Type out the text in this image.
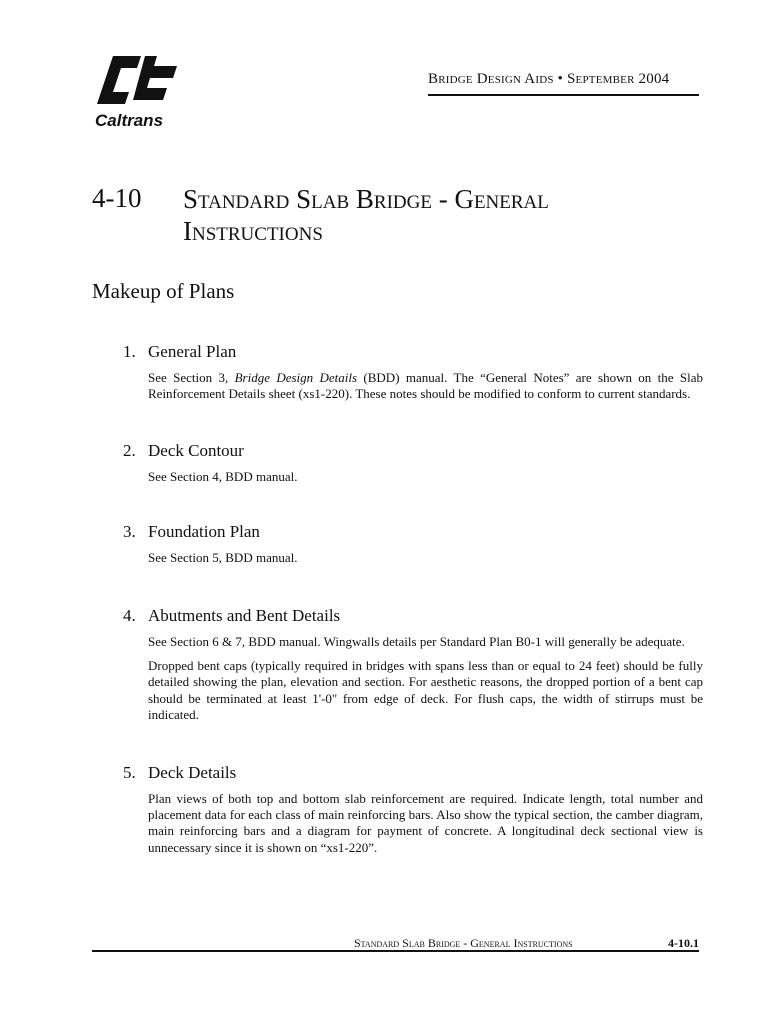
Caltrans
Bridge Design Aids • September 2004
4-10 Standard Slab Bridge - General Instructions
Makeup of Plans
1. General Plan

See Section 3, Bridge Design Details (BDD) manual. The “General Notes” are shown on the Slab Reinforcement Details sheet (xs1-220). These notes should be modified to conform to current standards.

2. Deck Contour

See Section 4, BDD manual.

3. Foundation Plan

See Section 5, BDD manual.

4. Abutments and Bent Details

See Section 6 & 7, BDD manual. Wingwalls details per Standard Plan B0-1 will generally be adequate.

Dropped bent caps (typically required in bridges with spans less than or equal to 24 feet) should be fully detailed showing the plan, elevation and section. For aesthetic reasons, the dropped portion of a bent cap should be terminated at least 1'-0" from edge of deck. For flush caps, the width of stirrups must be indicated.

5. Deck Details

Plan views of both top and bottom slab reinforcement are required. Indicate length, total number and placement data for each class of main reinforcing bars. Also show the typical section, the camber diagram, main reinforcing bars and a diagram for payment of concrete. A longitudinal deck sectional view is unnecessary since it is shown on “xs1-220”.

Standard Slab Bridge - General Instructions	4-10.1
